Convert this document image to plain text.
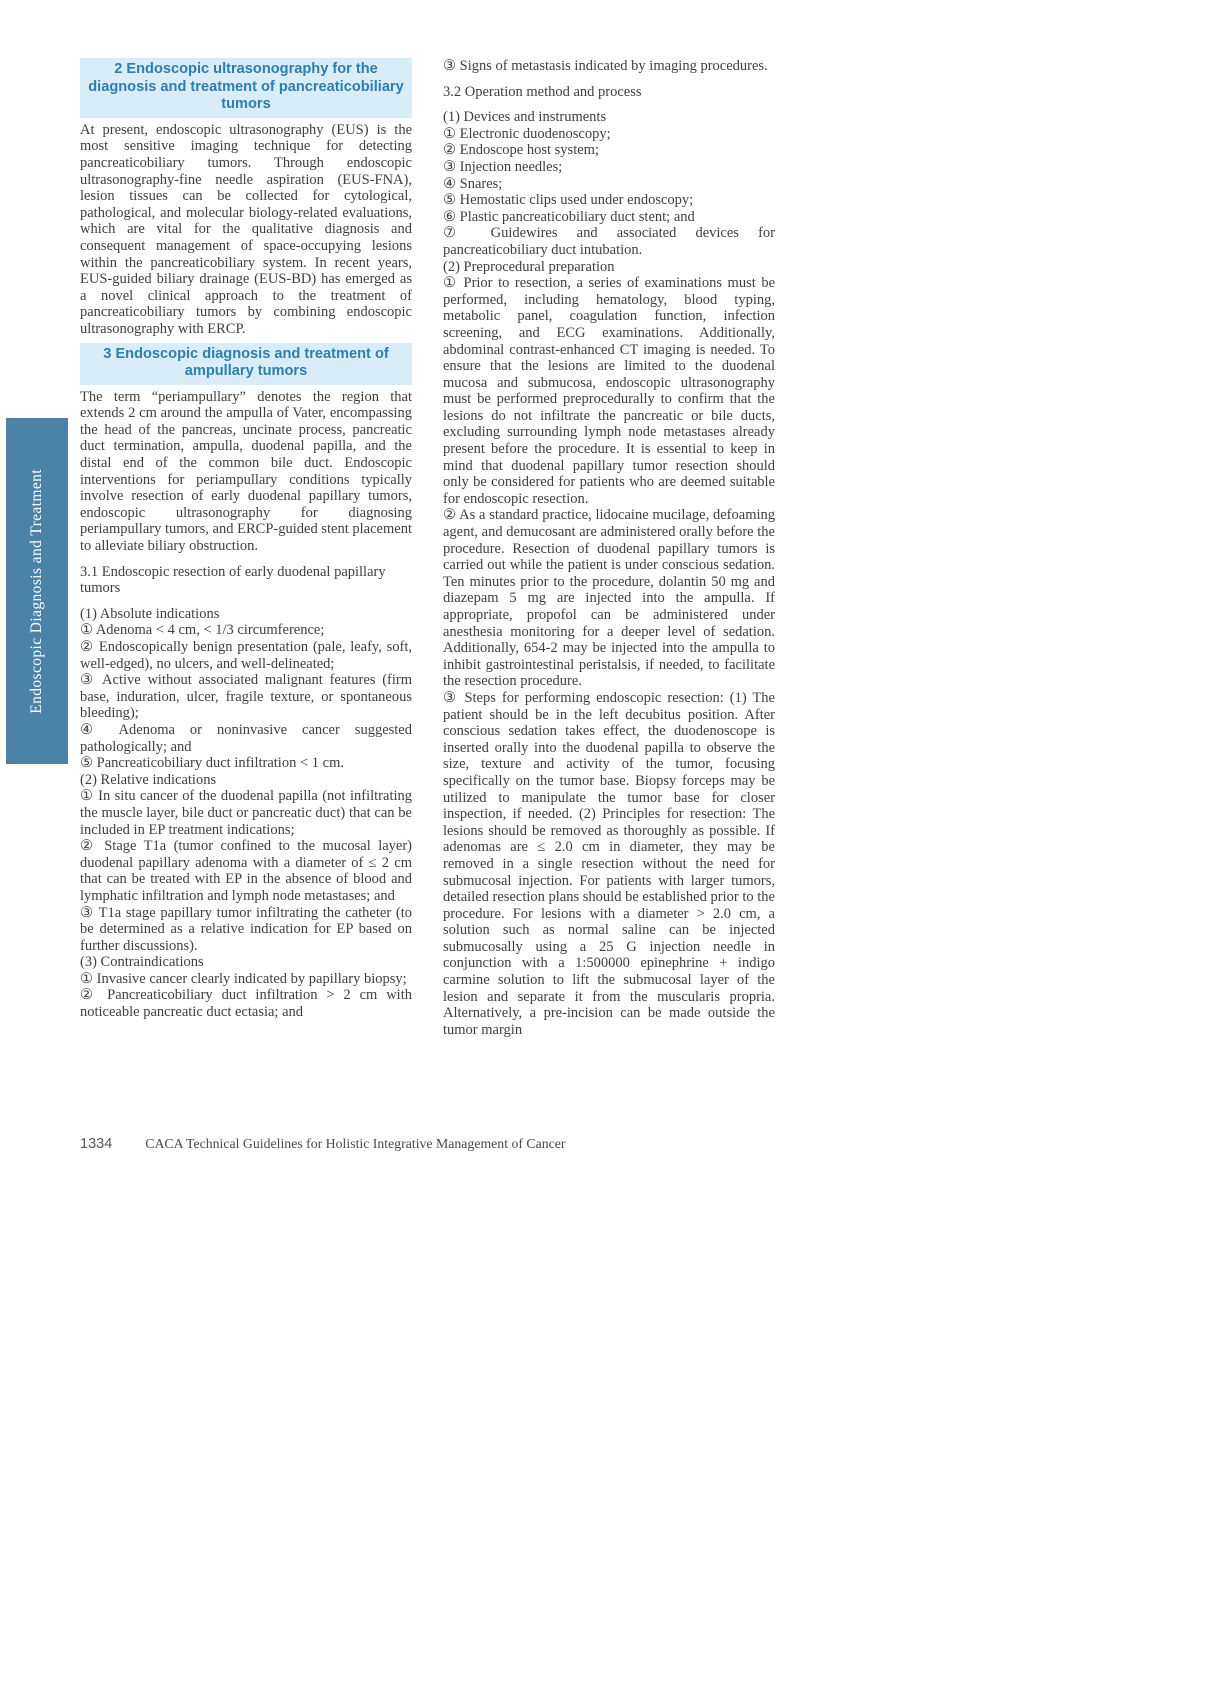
Endoscopic Diagnosis and Treatment
2 Endoscopic ultrasonography for the diagnosis and treatment of pancreaticobiliary tumors

At present, endoscopic ultrasonography (EUS) is the most sensitive imaging technique for detecting pancreaticobiliary tumors. Through endoscopic ultrasonography-fine needle aspiration (EUS-FNA), lesion tissues can be collected for cytological, pathological, and molecular biology-related evaluations, which are vital for the qualitative diagnosis and consequent management of space-occupying lesions within the pancreaticobiliary system. In recent years, EUS-guided biliary drainage (EUS-BD) has emerged as a novel clinical approach to the treatment of pancreaticobiliary tumors by combining endoscopic ultrasonography with ERCP.

3 Endoscopic diagnosis and treatment of ampullary tumors

The term “periampullary” denotes the region that extends 2 cm around the ampulla of Vater, encompassing the head of the pancreas, uncinate process, pancreatic duct termination, ampulla, duodenal papilla, and the distal end of the common bile duct. Endoscopic interventions for periampullary conditions typically involve resection of early duodenal papillary tumors, endoscopic ultrasonography for diagnosing periampullary tumors, and ERCP-guided stent placement to alleviate biliary obstruction.

3.1 Endoscopic resection of early duodenal papillary tumors

(1) Absolute indications

① Adenoma < 4 cm, < 1/3 circumference;

② Endoscopically benign presentation (pale, leafy, soft, well-edged), no ulcers, and well-delineated;

③ Active without associated malignant features (firm base, induration, ulcer, fragile texture, or spontaneous bleeding);

④ Adenoma or noninvasive cancer suggested pathologically; and

⑤ Pancreaticobiliary duct infiltration < 1 cm.

(2) Relative indications

① In situ cancer of the duodenal papilla (not infiltrating the muscle layer, bile duct or pancreatic duct) that can be included in EP treatment indications;

② Stage T1a (tumor confined to the mucosal layer) duodenal papillary adenoma with a diameter of ≤ 2 cm that can be treated with EP in the absence of blood and lymphatic infiltration and lymph node metastases; and

③ T1a stage papillary tumor infiltrating the catheter (to be determined as a relative indication for EP based on further discussions).

(3) Contraindications

① Invasive cancer clearly indicated by papillary biopsy;

② Pancreaticobiliary duct infiltration > 2 cm with noticeable pancreatic duct ectasia; and

③ Signs of metastasis indicated by imaging procedures.

3.2 Operation method and process

(1) Devices and instruments

① Electronic duodenoscopy;

② Endoscope host system;

③ Injection needles;

④ Snares;

⑤ Hemostatic clips used under endoscopy;

⑥ Plastic pancreaticobiliary duct stent; and

⑦ Guidewires and associated devices for pancreaticobiliary duct intubation.

(2) Preprocedural preparation

① Prior to resection, a series of examinations must be performed, including hematology, blood typing, metabolic panel, coagulation function, infection screening, and ECG examinations. Additionally, abdominal contrast-enhanced CT imaging is needed. To ensure that the lesions are limited to the duodenal mucosa and submucosa, endoscopic ultrasonography must be performed preprocedurally to confirm that the lesions do not infiltrate the pancreatic or bile ducts, excluding surrounding lymph node metastases already present before the procedure. It is essential to keep in mind that duodenal papillary tumor resection should only be considered for patients who are deemed suitable for endoscopic resection.

② As a standard practice, lidocaine mucilage, defoaming agent, and demucosant are administered orally before the procedure. Resection of duodenal papillary tumors is carried out while the patient is under conscious sedation. Ten minutes prior to the procedure, dolantin 50 mg and diazepam 5 mg are injected into the ampulla. If appropriate, propofol can be administered under anesthesia monitoring for a deeper level of sedation. Additionally, 654-2 may be injected into the ampulla to inhibit gastrointestinal peristalsis, if needed, to facilitate the resection procedure.

③ Steps for performing endoscopic resection: (1) The patient should be in the left decubitus position. After conscious sedation takes effect, the duodenoscope is inserted orally into the duodenal papilla to observe the size, texture and activity of the tumor, focusing specifically on the tumor base. Biopsy forceps may be utilized to manipulate the tumor base for closer inspection, if needed. (2) Principles for resection: The lesions should be removed as thoroughly as possible. If adenomas are ≤ 2.0 cm in diameter, they may be removed in a single resection without the need for submucosal injection. For patients with larger tumors, detailed resection plans should be established prior to the procedure. For lesions with a diameter > 2.0 cm, a solution such as normal saline can be injected submucosally using a 25 G injection needle in conjunction with a 1:500000 epinephrine + indigo carmine solution to lift the submucosal layer of the lesion and separate it from the muscularis propria. Alternatively, a pre-incision can be made outside the tumor margin

1334 CACA Technical Guidelines for Holistic Integrative Management of Cancer
